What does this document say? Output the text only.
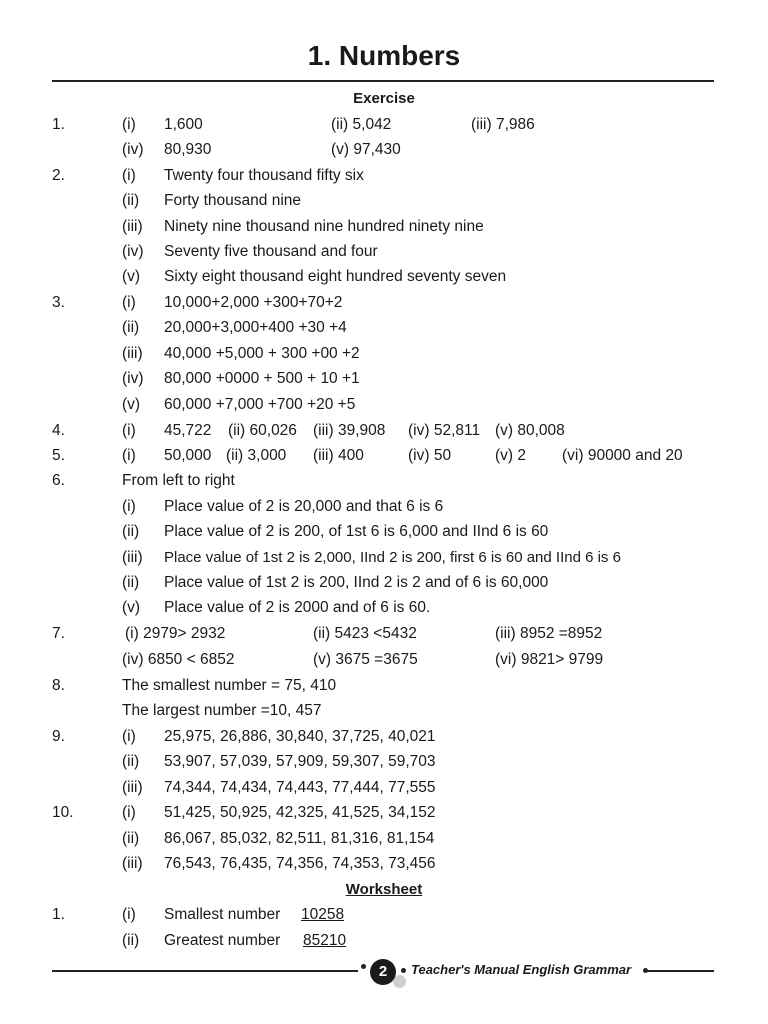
1. Numbers
Exercise
1.	(i) 1,600	(ii) 5,042	(iii) 7,986
(iv) 80,930	(v) 97,430
2.	(i) Twenty four thousand fifty six
(ii) Forty thousand nine
(iii) Ninety nine thousand nine hundred ninety nine
(iv) Seventy five thousand and four
(v) Sixty eight thousand eight hundred seventy seven
3.	(i) 10,000+2,000 +300+70+2
(ii) 20,000+3,000+400 +30 +4
(iii) 40,000 +5,000 + 300 +00 +2
(iv) 80,000 +0000 + 500 + 10 +1
(v) 60,000 +7,000 +700 +20 +5
4.	(i) 45,722 (ii) 60,026 (iii) 39,908 (iv) 52,811 (v) 80,008
5.	(i) 50,000 (ii) 3,000 (iii) 400	(iv) 50	(v) 2 (vi) 90000 and 20
6.	From left to right
(i) Place value of 2 is 20,000 and that 6 is 6
(ii) Place value of 2 is 200, of 1st 6 is 6,000 and IInd 6 is 60
(iii) Place value of 1st 2 is 2,000, IInd 2 is 200, first 6 is 60 and IInd 6 is 6
(ii) Place value of 1st 2 is 200, IInd 2 is 2 and of 6 is 60,000
(v) Place value of 2 is 2000 and of 6 is 60.
7.	(i) 2979> 2932	(ii) 5423 <5432	(iii) 8952 =8952
(iv) 6850 < 6852	(v) 3675 =3675	(vi) 9821> 9799
8.	The smallest number = 75, 410
The largest number =10, 457
9.	(i) 25,975, 26,886, 30,840, 37,725, 40,021
(ii) 53,907, 57,039, 57,909, 59,307, 59,703
(iii) 74,344, 74,434, 74,443, 77,444, 77,555
10.	(i) 51,425, 50,925, 42,325, 41,525, 34,152
(ii) 86,067, 85,032, 82,511, 81,316, 81,154
(iii) 76,543, 76,435, 74,356, 74,353, 73,456
Worksheet
1.	(i) Smallest number 10258
(ii) Greatest number 85210
2	Teacher's Manual English Grammar
